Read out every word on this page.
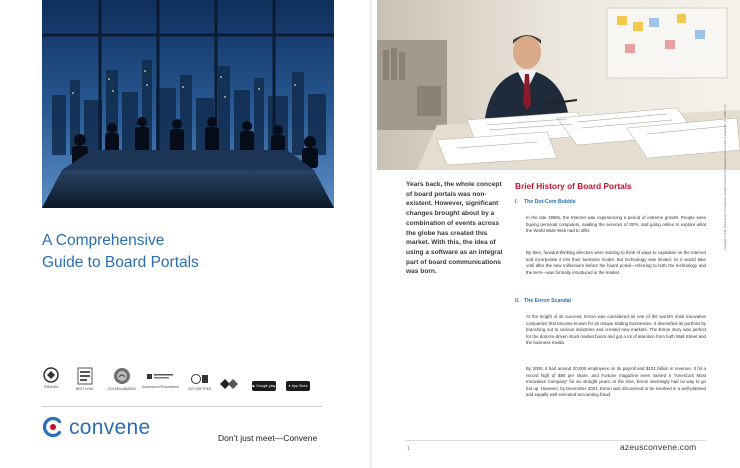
A Comprehensive
Guide to Board Portals
ITMUNDA	BEST in BIZ	GOLDEN AWARDS Government Procurement	ISO CERTIFIED
▶ Google play	● App Store
convene	Don’t just meet—Convene
Years back, the whole concept of board portals was non-existent. However, significant changes brought about by a combination of events across the globe has created this market. With this, the idea of using a software as an integral part of board communications was born.
Brief History of Board Portals
I. The Dot-Com Bubble
In the late 1990s, the Internet was experiencing a period of extreme growth. People were buying personal computers, availing the services of ISPs, and going online to explore what the World Wide Web had to offer.
By then, forward-thinking directors were starting to think of ways to capitalise on the Internet and incorporate it into their business model. But technology was limited, so it would take until after the new millennium before the board portal—referring to both the technology and the term—was formally introduced in the market.
II. The Enron Scandal
At the height of its success, Enron was considered as one of the world’s most innovative companies that became known for its unique trading businesses. It diversified its portfolio by branching out to various industries and created new markets. The Enron story was perfect for the dotcom-driven stock market boom and got a lot of attention from both Wall Street and the business media.
By 2000, it had around 20,000 employees on its payroll and $101 billion in revenue. It hit a record high of $90 per share, and Fortune magazine even named it “America’s Most Innovative Company” for six straight years. At the time, Enron seemingly had no way to go but up. However, by December 2001, Enron was discovered to be involved in a well-planned and equally well executed accounting fraud.
1	azeusconvene.com
Copyright © 2018. Azeus Group of Companies. All rights reserved. All information correct at time of publication. v1. 11/2017 | FI
